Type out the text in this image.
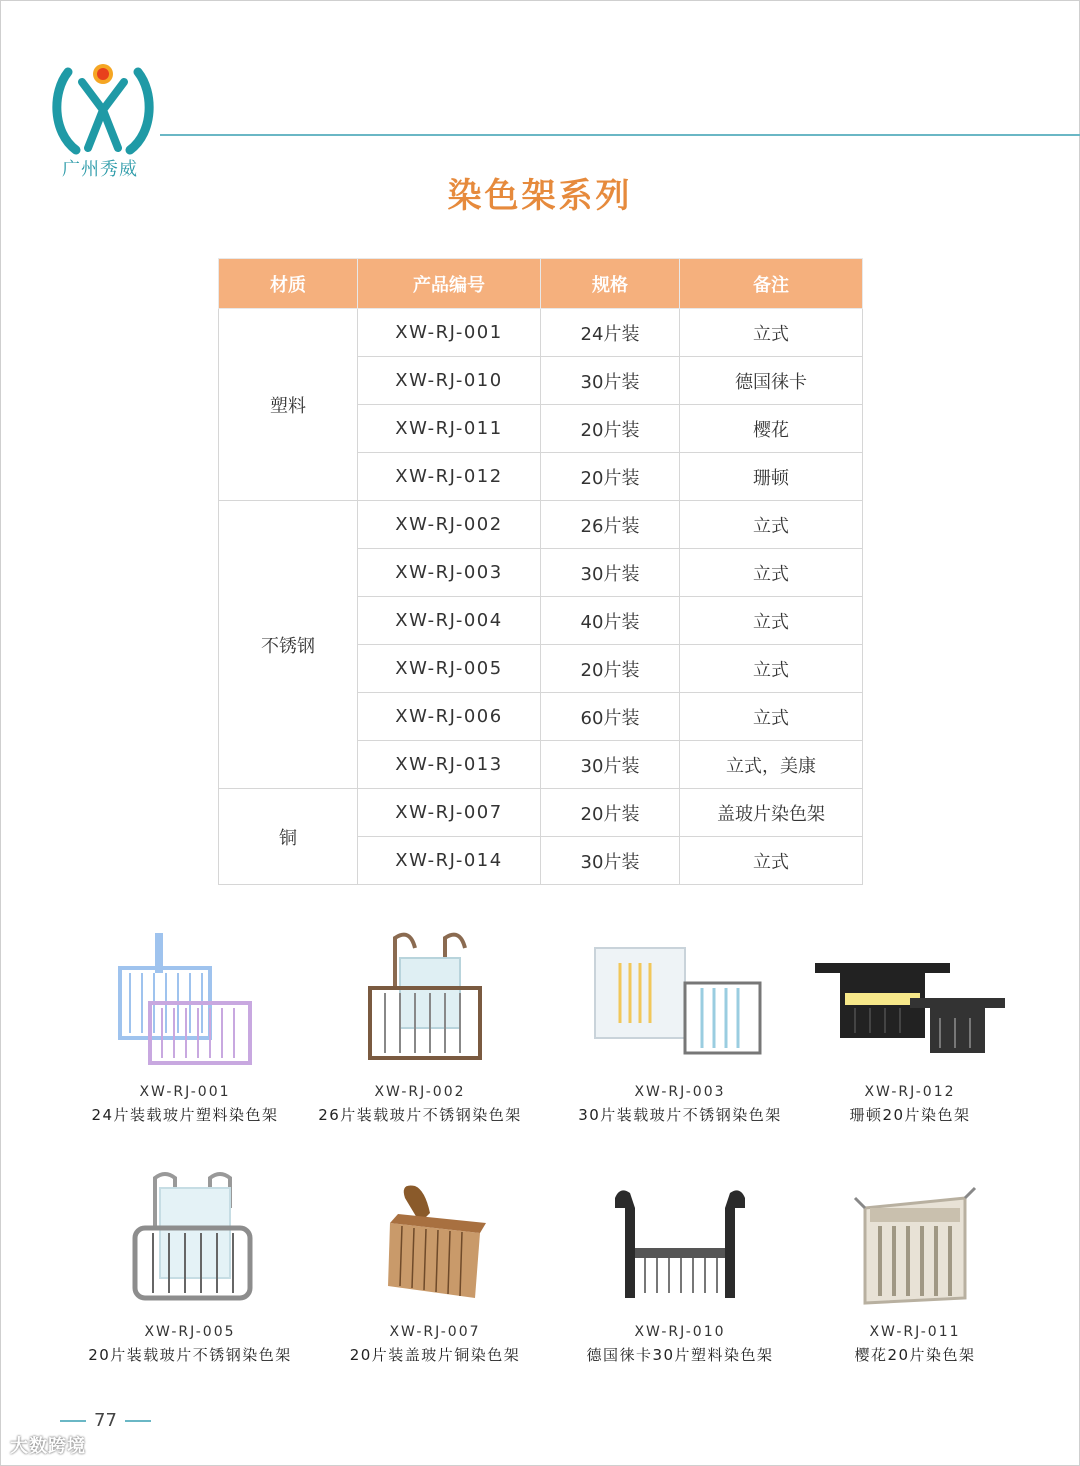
广州秀威
染色架系列
材质	产品编号	规格	备注
塑料	XW-RJ-001	24片装	立式
	XW-RJ-010	30片装	德国徕卡
	XW-RJ-011	20片装	樱花
	XW-RJ-012	20片装	珊顿
不锈钢	XW-RJ-002	26片装	立式
	XW-RJ-003	30片装	立式
	XW-RJ-004	40片装	立式
	XW-RJ-005	20片装	立式
	XW-RJ-006	60片装	立式
	XW-RJ-013	30片装	立式，美康
铜	XW-RJ-007	20片装	盖玻片染色架
	XW-RJ-014	30片装	立式
XW-RJ-001
24片装载玻片塑料染色架
XW-RJ-002
26片装载玻片不锈钢染色架
XW-RJ-003
30片装载玻片不锈钢染色架
XW-RJ-012
珊顿20片染色架
XW-RJ-005
20片装载玻片不锈钢染色架
XW-RJ-007
20片装盖玻片铜染色架
XW-RJ-010
德国徕卡30片塑料染色架
XW-RJ-011
樱花20片染色架
77
大数跨境
